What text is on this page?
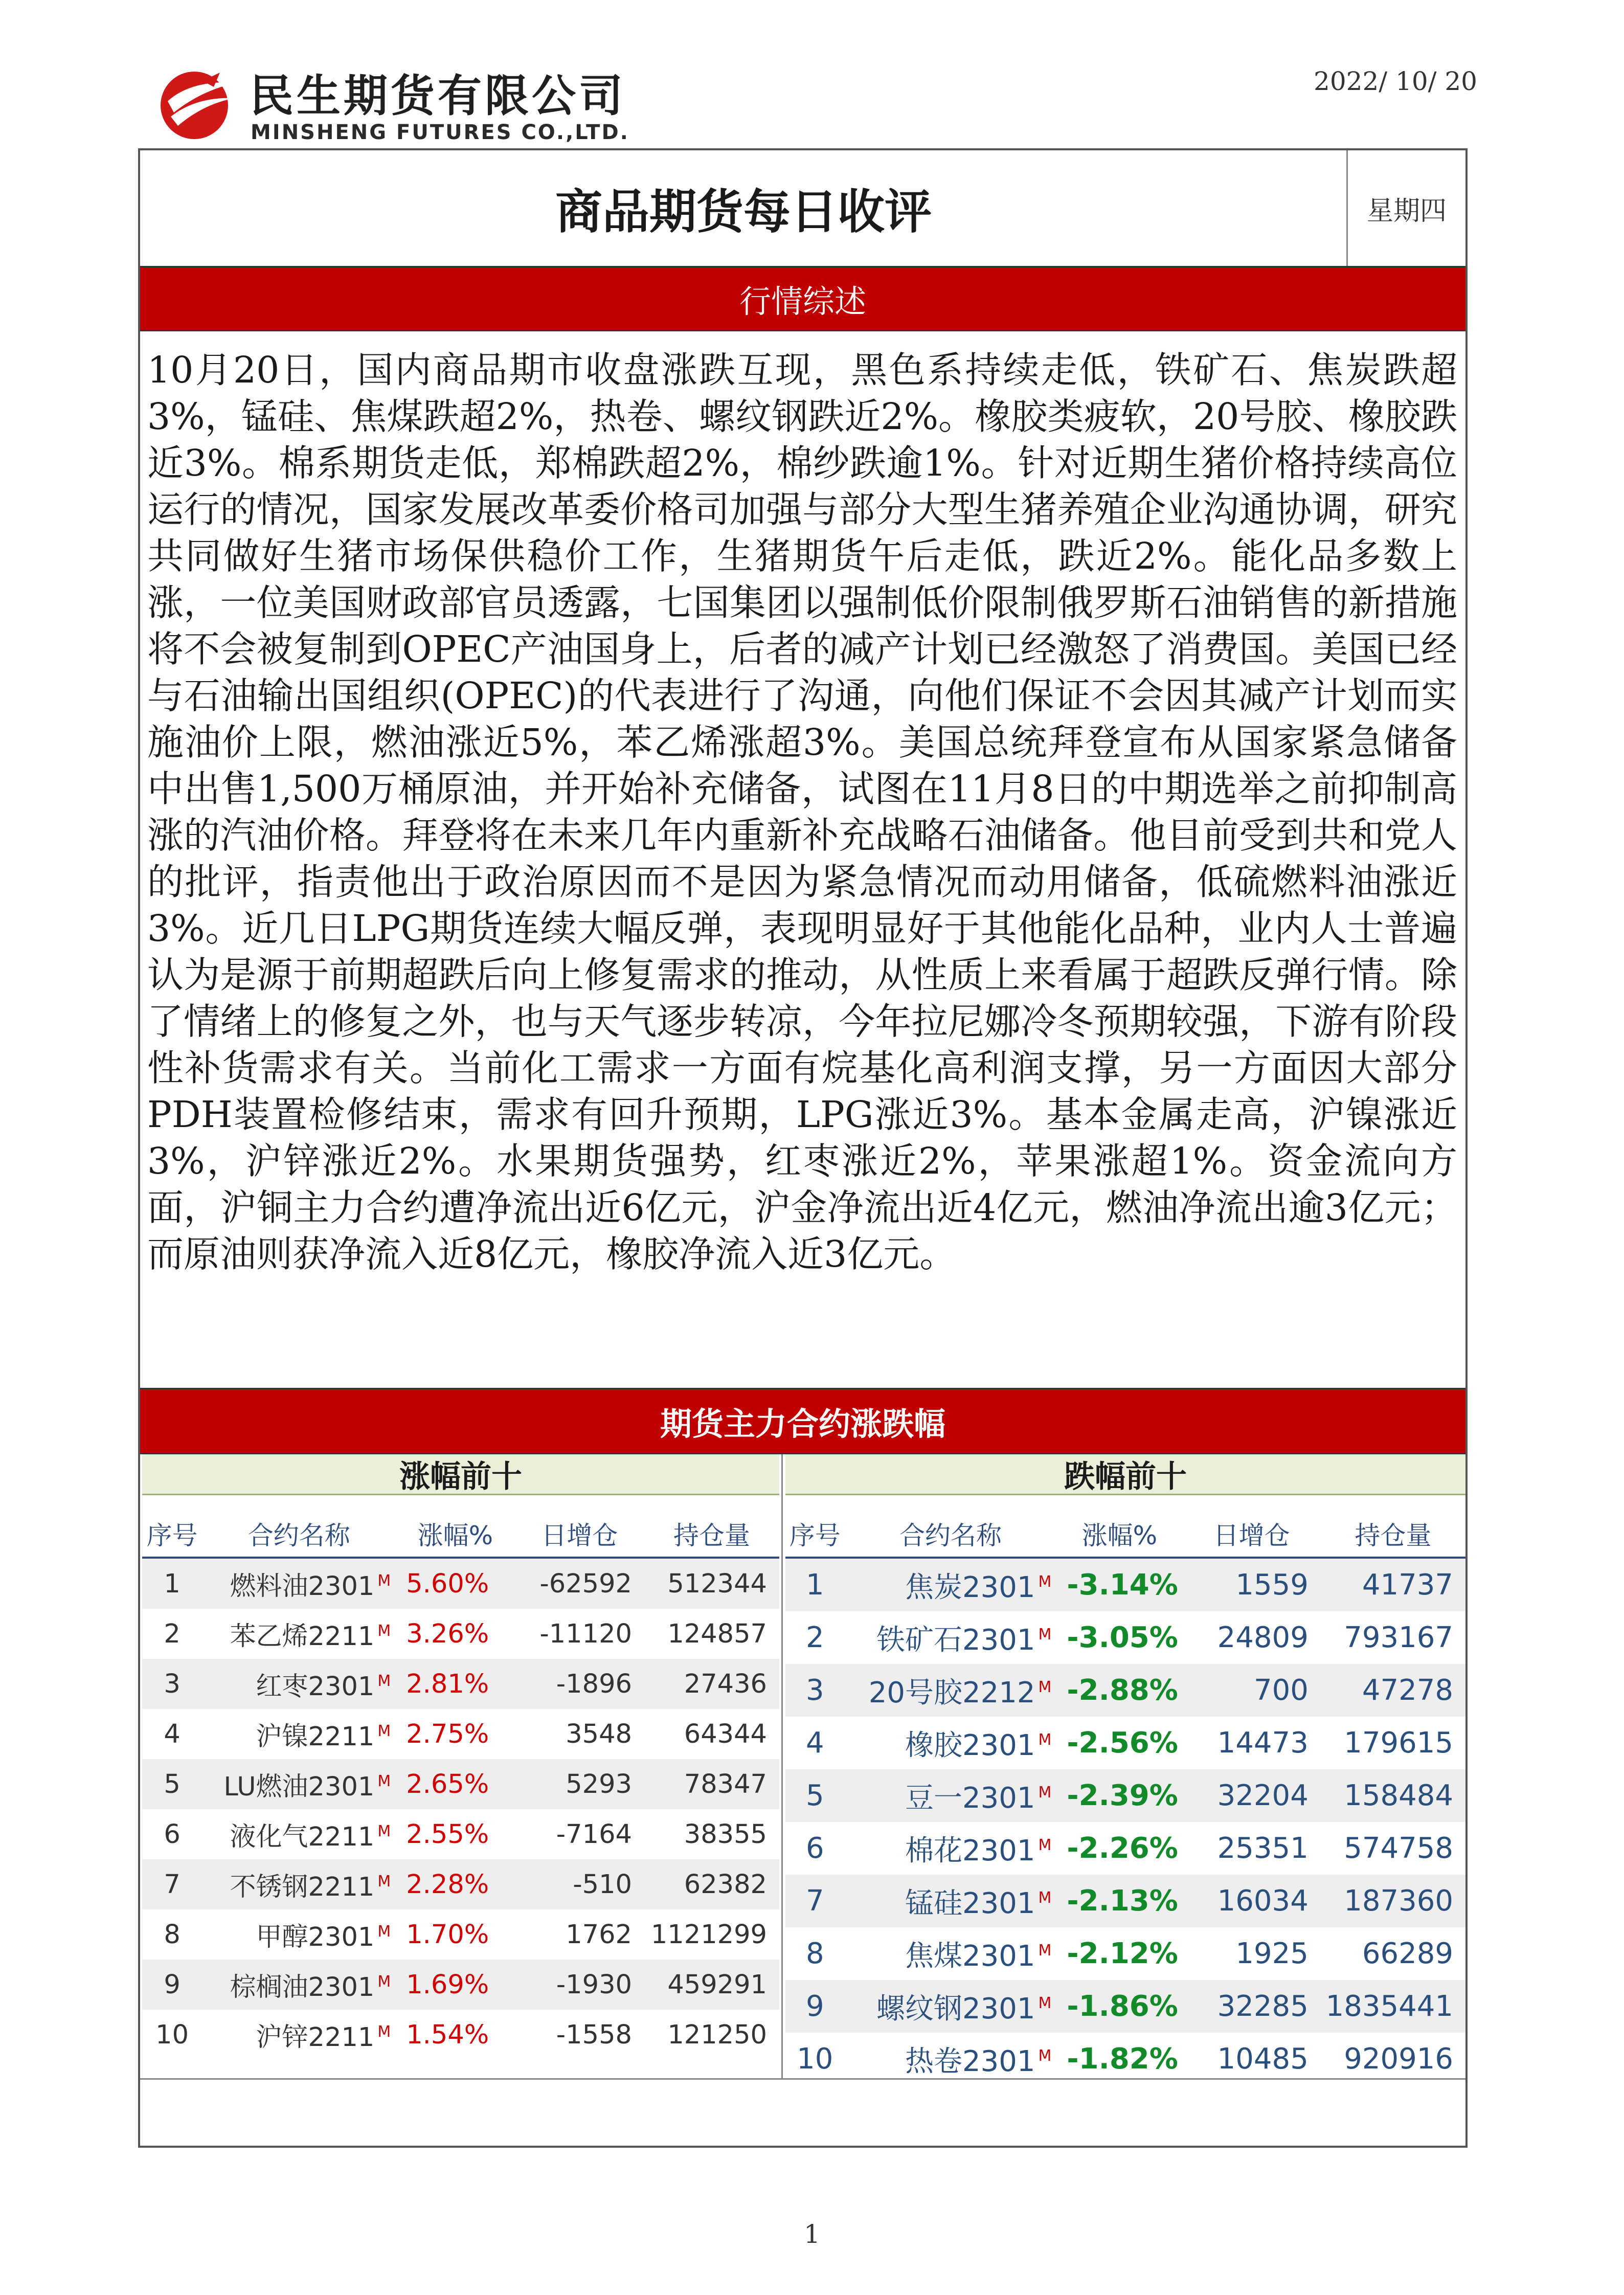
民生期货有限公司
MINSHENG FUTURES CO.,LTD.
2022/ 10/ 20
商品期货每日收评	星期四
行情综述
10月20日，国内商品期市收盘涨跌互现，黑色系持续走低，铁矿石、焦炭跌超3%，锰硅、焦煤跌超2%，热卷、螺纹钢跌近2%。橡胶类疲软，20号胶、橡胶跌近3%。棉系期货走低，郑棉跌超2%，棉纱跌逾1%。针对近期生猪价格持续高位运行的情况，国家发展改革委价格司加强与部分大型生猪养殖企业沟通协调，研究共同做好生猪市场保供稳价工作，生猪期货午后走低，跌近2%。能化品多数上涨，一位美国财政部官员透露，七国集团以强制低价限制俄罗斯石油销售的新措施将不会被复制到OPEC产油国身上，后者的减产计划已经激怒了消费国。美国已经与石油输出国组织(OPEC)的代表进行了沟通，向他们保证不会因其减产计划而实施油价上限，燃油涨近5%，苯乙烯涨超3%。美国总统拜登宣布从国家紧急储备中出售1,500万桶原油，并开始补充储备，试图在11月8日的中期选举之前抑制高涨的汽油价格。拜登将在未来几年内重新补充战略石油储备。他目前受到共和党人的批评，指责他出于政治原因而不是因为紧急情况而动用储备，低硫燃料油涨近3%。近几日LPG期货连续大幅反弹，表现明显好于其他能化品种，业内人士普遍认为是源于前期超跌后向上修复需求的推动，从性质上来看属于超跌反弹行情。除了情绪上的修复之外，也与天气逐步转凉，今年拉尼娜冷冬预期较强，下游有阶段性补货需求有关。当前化工需求一方面有烷基化高利润支撑，另一方面因大部分PDH装置检修结束，需求有回升预期，LPG涨近3%。基本金属走高，沪镍涨近3%，沪锌涨近2%。水果期货强势，红枣涨近2%，苹果涨超1%。资金流向方面，沪铜主力合约遭净流出近6亿元，沪金净流出近4亿元，燃油净流出逾3亿元；而原油则获净流入近8亿元，橡胶净流入近3亿元。
期货主力合约涨跌幅
涨幅前十
序号	合约名称	涨幅%	日增仓	持仓量
1	燃料油2301 $^M$	5.60%	-62592	512344
2	苯乙烯2211 $^M$	3.26%	-11120	124857
3	红枣2301 $^M$	2.81%	-1896	27436
4	沪镍2211 $^M$	2.75%	3548	64344
5	LU燃油2301 $^M$	2.65%	5293	78347
6	液化气2211 $^M$	2.55%	-7164	38355
7	不锈钢2211 $^M$	2.28%	-510	62382
8	甲醇2301 $^M$	1.70%	1762	1121299
9	棕榈油2301 $^M$	1.69%	-1930	459291
10	沪锌2211 $^M$	1.54%	-1558	121250
跌幅前十
序号	合约名称	涨幅%	日增仓	持仓量
1	焦炭2301 $^M$	-3.14%	1559	41737
2	铁矿石2301 $^M$	-3.05%	24809	793167
3	20号胶2212 $^M$	-2.88%	700	47278
4	橡胶2301 $^M$	-2.56%	14473	179615
5	豆一2301 $^M$	-2.39%	32204	158484
6	棉花2301 $^M$	-2.26%	25351	574758
7	锰硅2301 $^M$	-2.13%	16034	187360
8	焦煤2301 $^M$	-2.12%	1925	66289
9	螺纹钢2301 $^M$	-1.86%	32285	1835441
10	热卷2301 $^M$	-1.82%	10485	920916
1
